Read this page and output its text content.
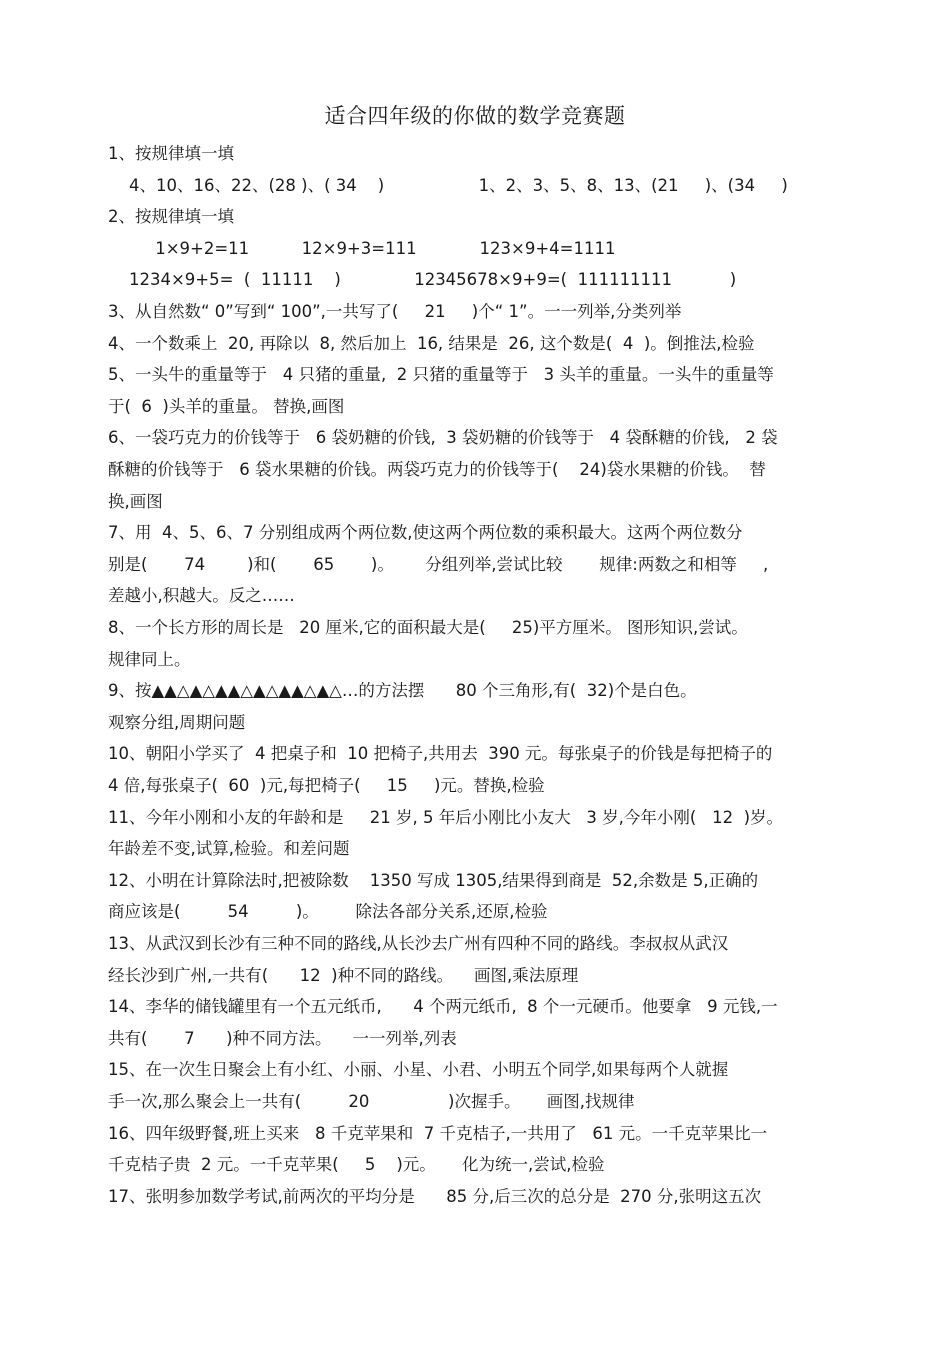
适合四年级的你做的数学竞赛题
1、按规律填一填
4、10、16、22、(28 )、( 34    )                  1、2、3、5、8、13、(21     )、(34     )
2、按规律填一填
1×9+2=11          12×9+3=111            123×9+4=1111
1234×9+5=  (  11111    )              12345678×9+9=(  111111111           )
3、从自然数“ 0”写到“ 100”,一共写了(     21     )个“ 1”。一一列举,分类列举
4、一个数乘上  20, 再除以  8, 然后加上  16, 结果是  26, 这个数是(  4  )。倒推法,检验
5、一头牛的重量等于   4 只猪的重量,  2 只猪的重量等于   3 头羊的重量。一头牛的重量等
于(  6  )头羊的重量。 替换,画图
6、一袋巧克力的价钱等于   6 袋奶糖的价钱,  3 袋奶糖的价钱等于   4 袋酥糖的价钱,   2 袋
酥糖的价钱等于   6 袋水果糖的价钱。两袋巧克力的价钱等于(    24)袋水果糖的价钱。  替
换,画图
7、用  4、5、6、7 分别组成两个两位数,使这两个两位数的乘积最大。这两个两位数分
别是(       74        )和(       65       )。      分组列举,尝试比较       规律:两数之和相等     ,
差越小,积越大。反之……
8、一个长方形的周长是   20 厘米,它的面积最大是(     25)平方厘米。 图形知识,尝试。
规律同上。
9、按▲▲△▲△▲▲△▲△▲▲△▲△…的方法摆      80 个三角形,有(  32)个是白色。
观察分组,周期问题
10、朝阳小学买了  4 把桌子和  10 把椅子,共用去  390 元。每张桌子的价钱是每把椅子的
4 倍,每张桌子(  60  )元,每把椅子(     15     )元。替换,检验
11、今年小刚和小友的年龄和是     21 岁, 5 年后小刚比小友大   3 岁,今年小刚(   12  )岁。
年龄差不变,试算,检验。和差问题
12、小明在计算除法时,把被除数    1350 写成 1305,结果得到商是  52,余数是 5,正确的
商应该是(         54         )。       除法各部分关系,还原,检验
13、从武汉到长沙有三种不同的路线,从长沙去广州有四种不同的路线。李叔叔从武汉
经长沙到广州,一共有(      12  )种不同的路线。    画图,乘法原理
14、李华的储钱罐里有一个五元纸币,      4 个两元纸币,  8 个一元硬币。他要拿   9 元钱,一
共有(       7      )种不同方法。    一一列举,列表
15、在一次生日聚会上有小红、小丽、小星、小君、小明五个同学,如果每两个人就握
手一次,那么聚会上一共有(         20               )次握手。     画图,找规律
16、四年级野餐,班上买来   8 千克苹果和  7 千克桔子,一共用了   61 元。一千克苹果比一
千克桔子贵  2 元。一千克苹果(     5    )元。     化为统一,尝试,检验
17、张明参加数学考试,前两次的平均分是      85 分,后三次的总分是  270 分,张明这五次
